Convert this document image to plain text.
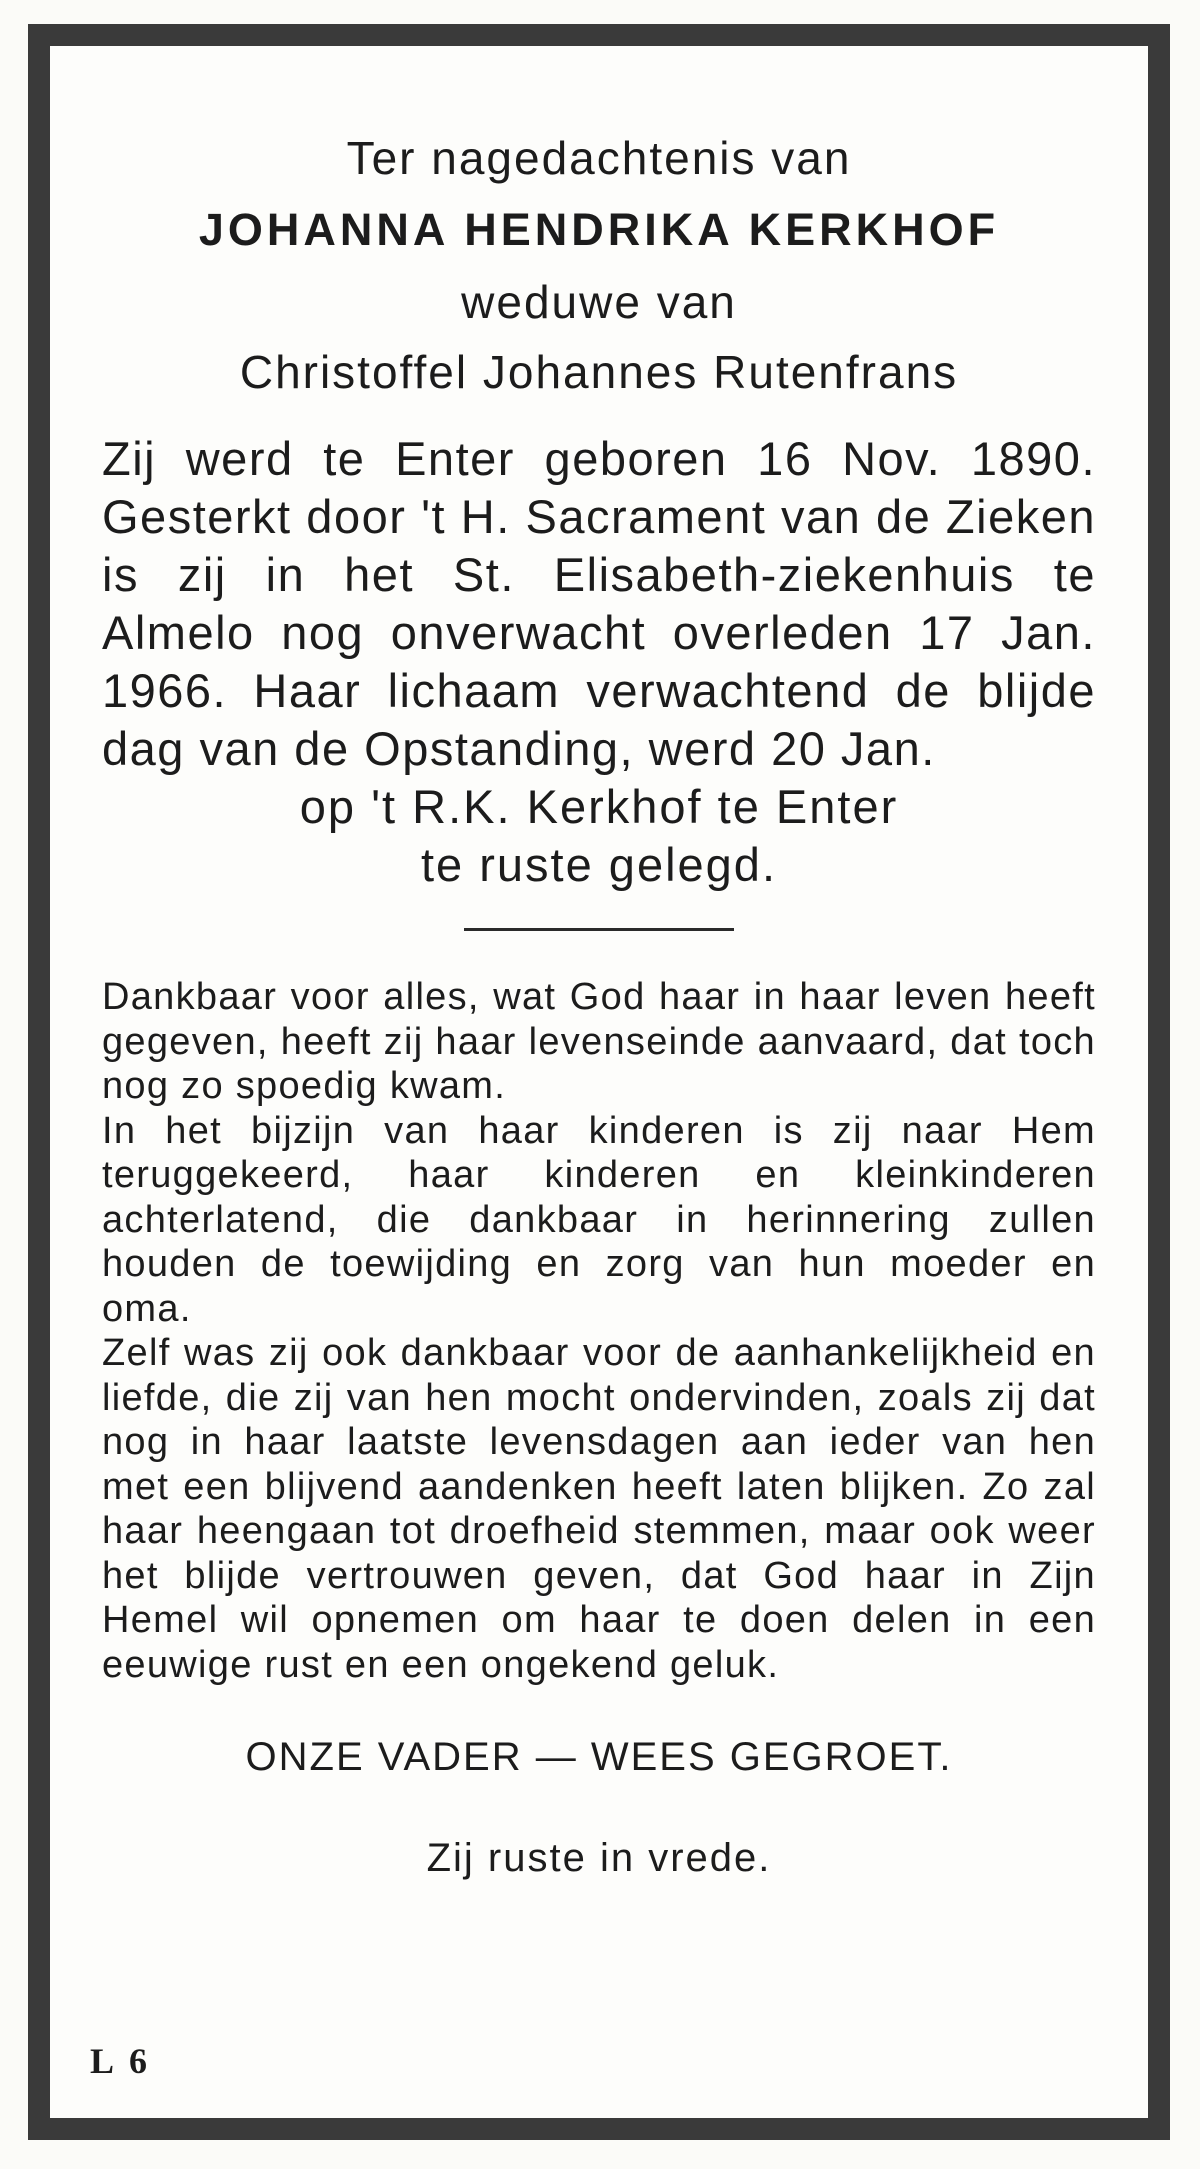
Ter nagedachtenis van

JOHANNA HENDRIKA KERKHOF

weduwe van

Christoffel Johannes Rutenfrans

Zij werd te Enter geboren 16 Nov. 1890. Gesterkt door 't H. Sacrament van de Zieken is zij in het St. Elisabeth-ziekenhuis te Almelo nog onverwacht overleden 17 Jan. 1966. Haar lichaam verwachtend de blijde dag van de Opstanding, werd 20 Jan.

op 't R.K. Kerkhof te Enter

te ruste gelegd.

Dankbaar voor alles, wat God haar in haar leven heeft gegeven, heeft zij haar levenseinde aanvaard, dat toch nog zo spoedig kwam.

In het bijzijn van haar kinderen is zij naar Hem teruggekeerd, haar kinderen en kleinkinderen achterlatend, die dankbaar in herinnering zullen houden de toewijding en zorg van hun moeder en oma.

Zelf was zij ook dankbaar voor de aanhankelijkheid en liefde, die zij van hen mocht ondervinden, zoals zij dat nog in haar laatste levensdagen aan ieder van hen met een blijvend aandenken heeft laten blijken. Zo zal haar heengaan tot droefheid stemmen, maar ook weer het blijde vertrouwen geven, dat God haar in Zijn Hemel wil opnemen om haar te doen delen in een eeuwige rust en een ongekend geluk.

ONZE VADER — WEES GEGROET.

Zij ruste in vrede.

L 6
